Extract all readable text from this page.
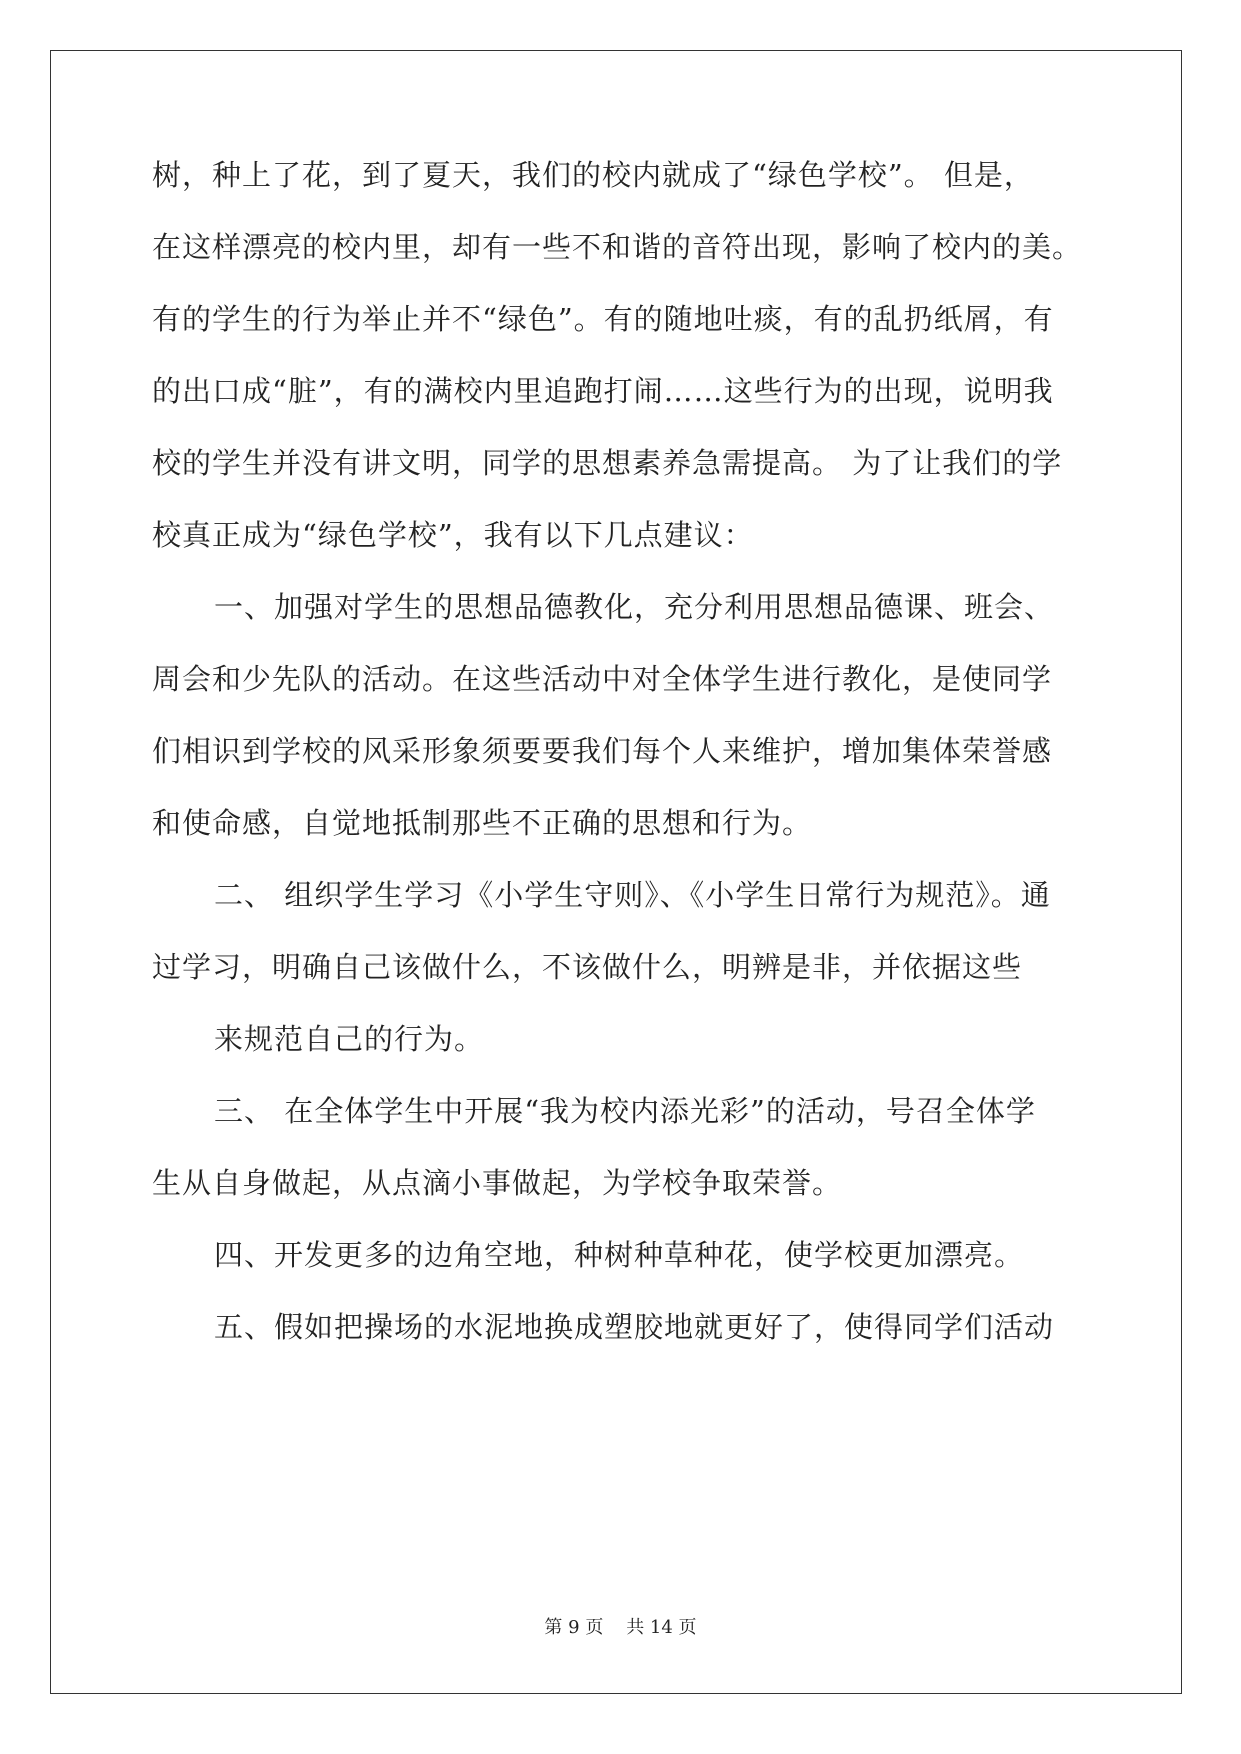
树，种上了花，到了夏天，我们的校内就成了“绿色学校”。 但是，
在这样漂亮的校内里，却有一些不和谐的音符出现，影响了校内的美。
有的学生的行为举止并不“绿色”。有的随地吐痰，有的乱扔纸屑，有
的出口成“脏”，有的满校内里追跑打闹……这些行为的出现，说明我
校的学生并没有讲文明，同学的思想素养急需提高。 为了让我们的学
校真正成为“绿色学校”，我有以下几点建议：
一、加强对学生的思想品德教化，充分利用思想品德课、班会、
周会和少先队的活动。在这些活动中对全体学生进行教化，是使同学
们相识到学校的风采形象须要要我们每个人来维护，增加集体荣誉感
和使命感，自觉地抵制那些不正确的思想和行为。
二、 组织学生学习《小学生守则》、《小学生日常行为规范》。通
过学习，明确自己该做什么，不该做什么，明辨是非，并依据这些
来规范自己的行为。
三、 在全体学生中开展“我为校内添光彩”的活动，号召全体学
生从自身做起，从点滴小事做起，为学校争取荣誉。
四、开发更多的边角空地，种树种草种花，使学校更加漂亮。
五、假如把操场的水泥地换成塑胶地就更好了，使得同学们活动
第 9 页    共 14 页
